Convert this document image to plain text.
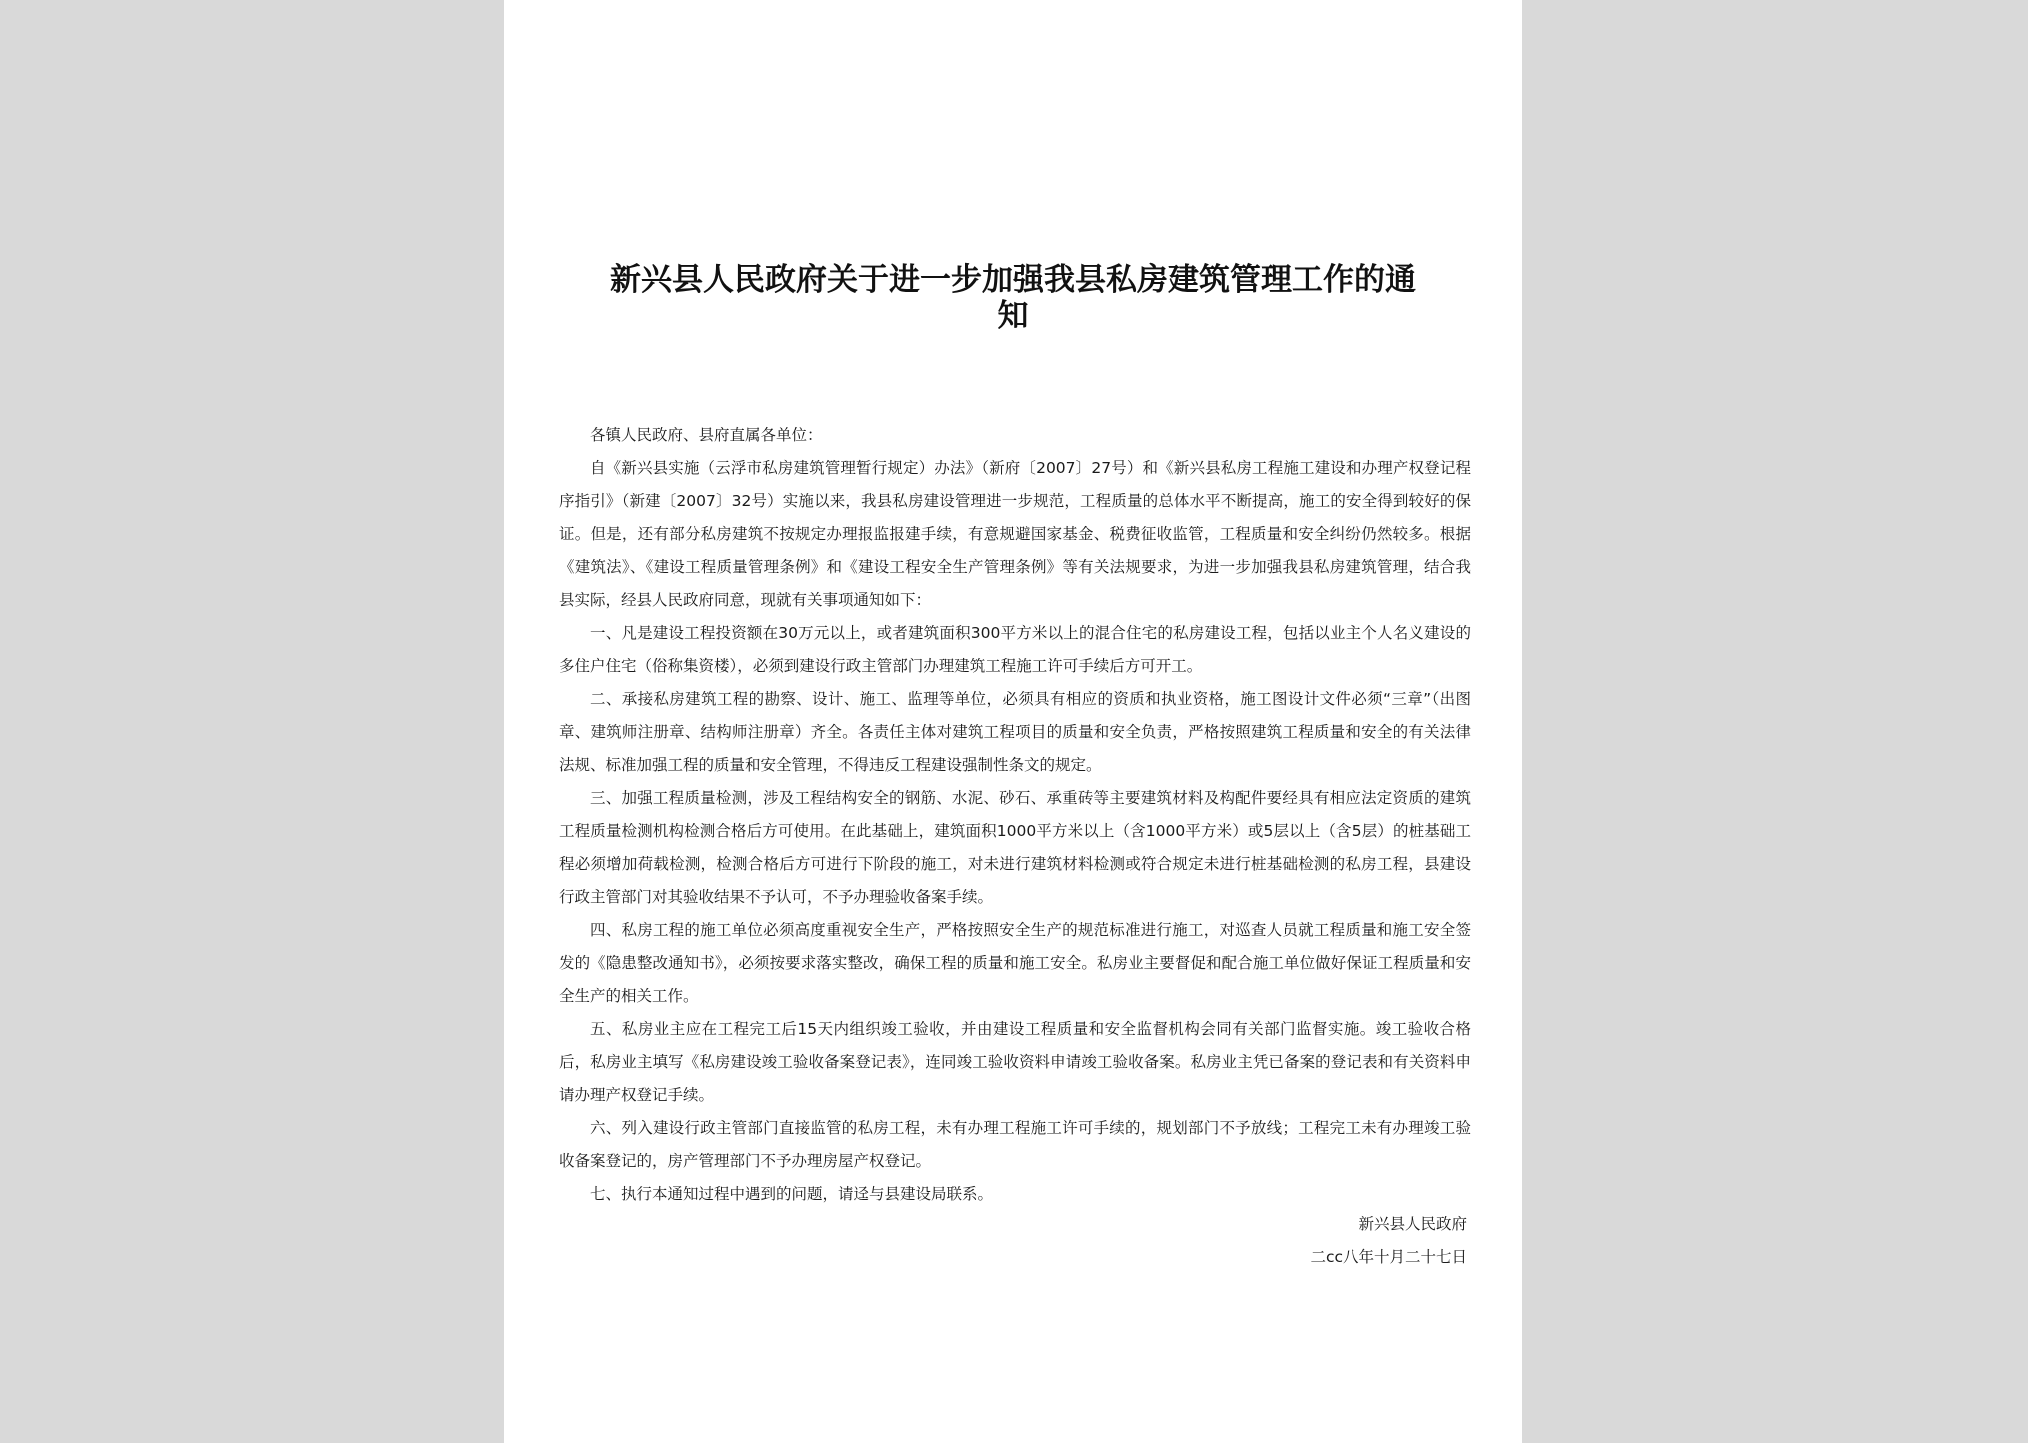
新兴县人民政府关于进一步加强我县私房建筑管理工作的通知

各镇人民政府、县府直属各单位：

自《新兴县实施（云浮市私房建筑管理暂行规定）办法》（新府〔2007〕27号）和《新兴县私房工程施工建设和办理产权登记程序指引》（新建〔2007〕32号）实施以来，我县私房建设管理进一步规范，工程质量的总体水平不断提高，施工的安全得到较好的保证。但是，还有部分私房建筑不按规定办理报监报建手续，有意规避国家基金、税费征收监管，工程质量和安全纠纷仍然较多。根据《建筑法》、《建设工程质量管理条例》和《建设工程安全生产管理条例》等有关法规要求，为进一步加强我县私房建筑管理，结合我县实际，经县人民政府同意，现就有关事项通知如下：

一、凡是建设工程投资额在30万元以上，或者建筑面积300平方米以上的混合住宅的私房建设工程，包括以业主个人名义建设的多住户住宅（俗称集资楼），必须到建设行政主管部门办理建筑工程施工许可手续后方可开工。

二、承接私房建筑工程的勘察、设计、施工、监理等单位，必须具有相应的资质和执业资格，施工图设计文件必须“三章”（出图章、建筑师注册章、结构师注册章）齐全。各责任主体对建筑工程项目的质量和安全负责，严格按照建筑工程质量和安全的有关法律法规、标准加强工程的质量和安全管理，不得违反工程建设强制性条文的规定。

三、加强工程质量检测，涉及工程结构安全的钢筋、水泥、砂石、承重砖等主要建筑材料及构配件要经具有相应法定资质的建筑工程质量检测机构检测合格后方可使用。在此基础上，建筑面积1000平方米以上（含1000平方米）或5层以上（含5层）的桩基础工程必须增加荷载检测，检测合格后方可进行下阶段的施工，对未进行建筑材料检测或符合规定未进行桩基础检测的私房工程，县建设行政主管部门对其验收结果不予认可，不予办理验收备案手续。

四、私房工程的施工单位必须高度重视安全生产，严格按照安全生产的规范标准进行施工，对巡查人员就工程质量和施工安全签发的《隐患整改通知书》，必须按要求落实整改，确保工程的质量和施工安全。私房业主要督促和配合施工单位做好保证工程质量和安全生产的相关工作。

五、私房业主应在工程完工后15天内组织竣工验收，并由建设工程质量和安全监督机构会同有关部门监督实施。竣工验收合格后，私房业主填写《私房建设竣工验收备案登记表》，连同竣工验收资料申请竣工验收备案。私房业主凭已备案的登记表和有关资料申请办理产权登记手续。

六、列入建设行政主管部门直接监管的私房工程，未有办理工程施工许可手续的，规划部门不予放线；工程完工未有办理竣工验收备案登记的，房产管理部门不予办理房屋产权登记。

七、执行本通知过程中遇到的问题，请迳与县建设局联系。

新兴县人民政府
二cc八年十月二十七日
